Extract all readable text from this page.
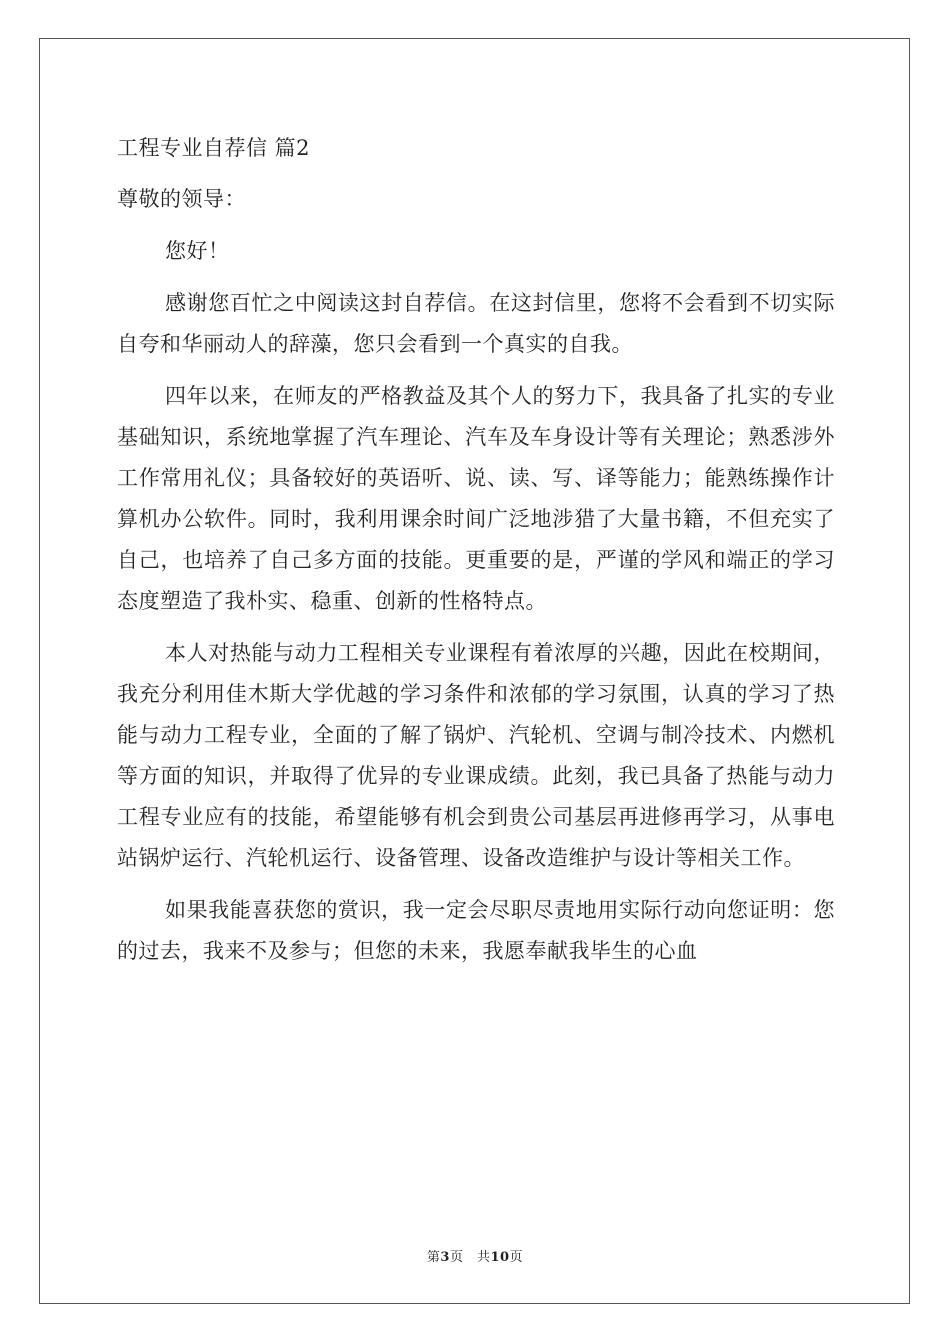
工程专业自荐信 篇2

尊敬的领导：

您好！

感谢您百忙之中阅读这封自荐信。在这封信里，您将不会看到不切实际自夸和华丽动人的辞藻，您只会看到一个真实的自我。

四年以来，在师友的严格教益及其个人的努力下，我具备了扎实的专业基础知识，系统地掌握了汽车理论、汽车及车身设计等有关理论；熟悉涉外工作常用礼仪；具备较好的英语听、说、读、写、译等能力；能熟练操作计算机办公软件。同时，我利用课余时间广泛地涉猎了大量书籍，不但充实了自己，也培养了自己多方面的技能。更重要的是，严谨的学风和端正的学习态度塑造了我朴实、稳重、创新的性格特点。

本人对热能与动力工程相关专业课程有着浓厚的兴趣，因此在校期间，我充分利用佳木斯大学优越的学习条件和浓郁的学习氛围，认真的学习了热能与动力工程专业，全面的了解了锅炉、汽轮机、空调与制冷技术、内燃机等方面的知识，并取得了优异的专业课成绩。此刻，我已具备了热能与动力工程专业应有的技能，希望能够有机会到贵公司基层再进修再学习，从事电站锅炉运行、汽轮机运行、设备管理、设备改造维护与设计等相关工作。

如果我能喜获您的赏识，我一定会尽职尽责地用实际行动向您证明：您的过去，我来不及参与；但您的未来，我愿奉献我毕生的心血

第3页　共10页
